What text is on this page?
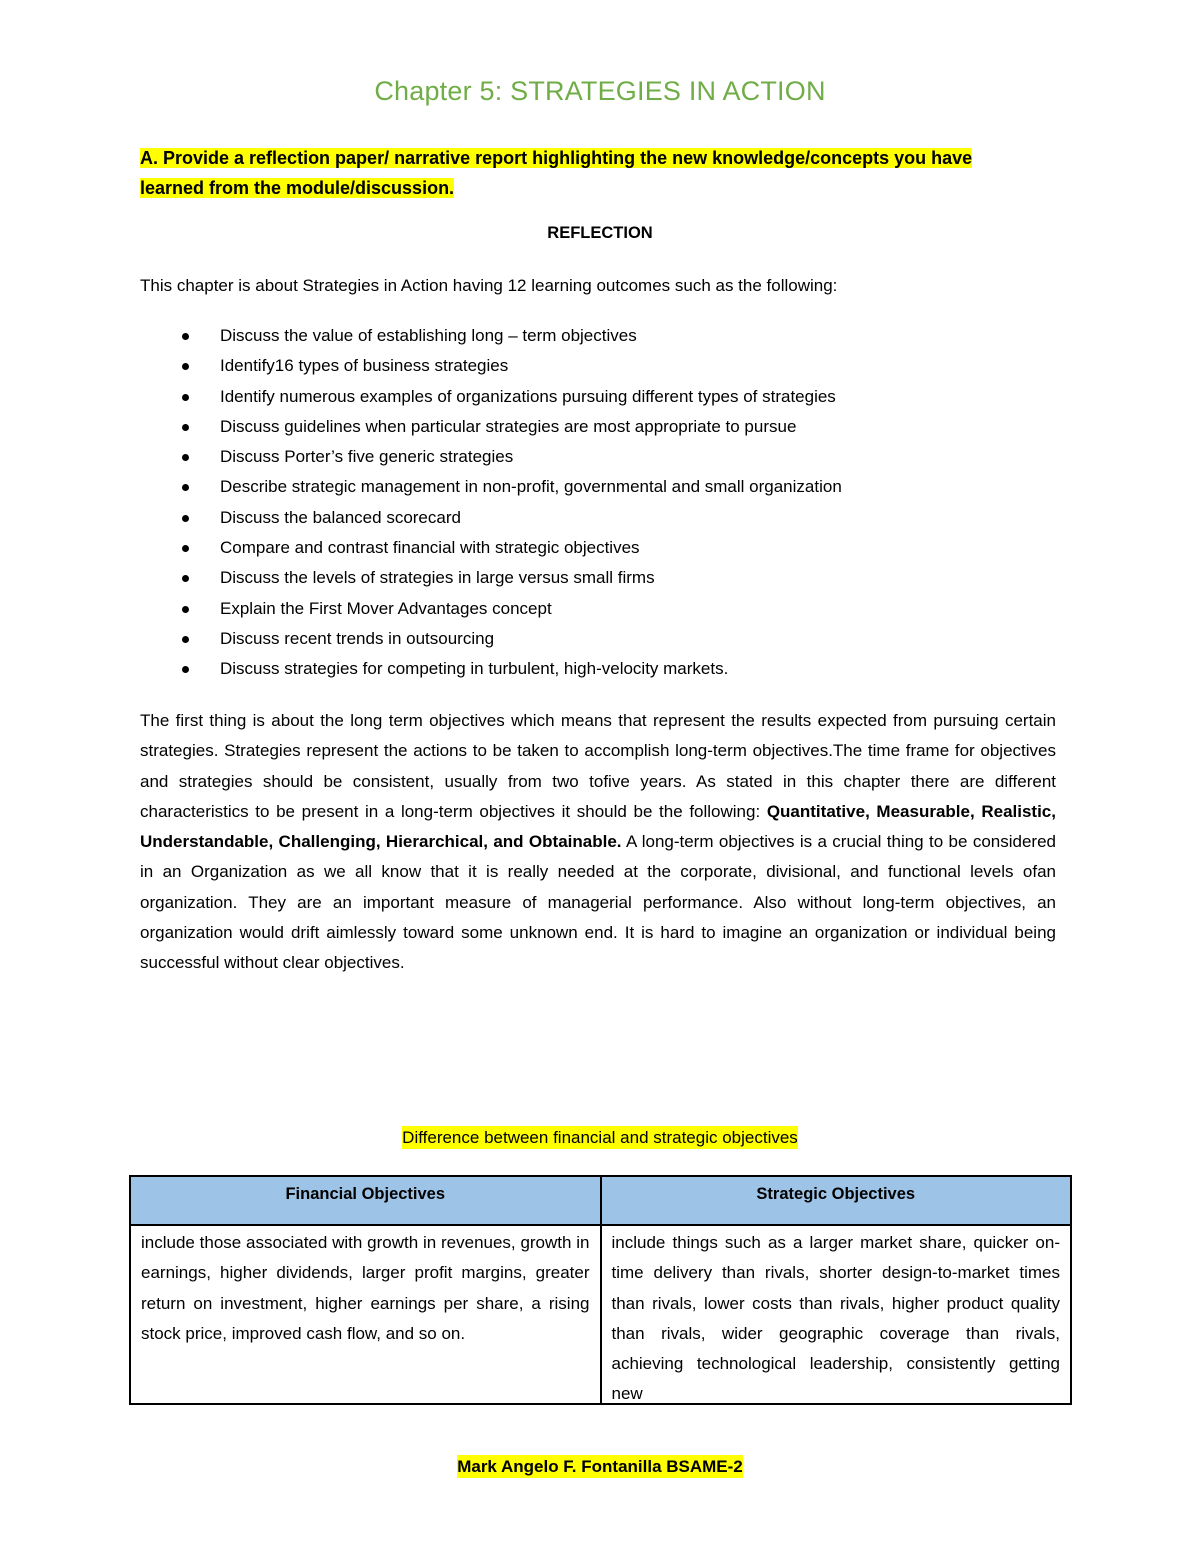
Chapter 5: STRATEGIES IN ACTION
A. Provide a reflection paper/ narrative report highlighting the new knowledge/concepts you have
learned from the module/discussion.
REFLECTION
This chapter is about Strategies in Action having 12 learning outcomes such as the following:
Discuss the value of establishing long – term objectives
Identify16 types of business strategies
Identify numerous examples of organizations pursuing different types of strategies
Discuss guidelines when particular strategies are most appropriate to pursue
Discuss Porter’s five generic strategies
Describe strategic management in non-profit, governmental and small organization
Discuss the balanced scorecard
Compare and contrast financial with strategic objectives
Discuss the levels of strategies in large versus small firms
Explain the First Mover Advantages concept
Discuss recent trends in outsourcing
Discuss strategies for competing in turbulent, high-velocity markets.
The first thing is about the long term objectives which means that represent the results expected from pursuing certain strategies. Strategies represent the actions to be taken to accomplish long-term objectives.The time frame for objectives and strategies should be consistent, usually from two tofive years. As stated in this chapter there are different characteristics to be present in a long-term objectives it should be the following: Quantitative, Measurable, Realistic, Understandable, Challenging, Hierarchical, and Obtainable. A long-term objectives is a crucial thing to be considered in an Organization as we all know that it is really needed at the corporate, divisional, and functional levels ofan organization. They are an important measure of managerial performance. Also without long-term objectives, an organization would drift aimlessly toward some unknown end. It is hard to imagine an organization or individual being successful without clear objectives.
Difference between financial and strategic objectives
Financial Objectives	Strategic Objectives
include those associated with growth in revenues, growth in earnings, higher dividends, larger profit margins, greater return on investment, higher earnings per share, a rising stock price, improved cash flow, and so on.
include things such as a larger market share, quicker on-time delivery than rivals, shorter design-to-market times than rivals, lower costs than rivals, higher product quality than rivals, wider geographic coverage than rivals, achieving technological leadership, consistently getting new
Mark Angelo F. Fontanilla BSAME-2
